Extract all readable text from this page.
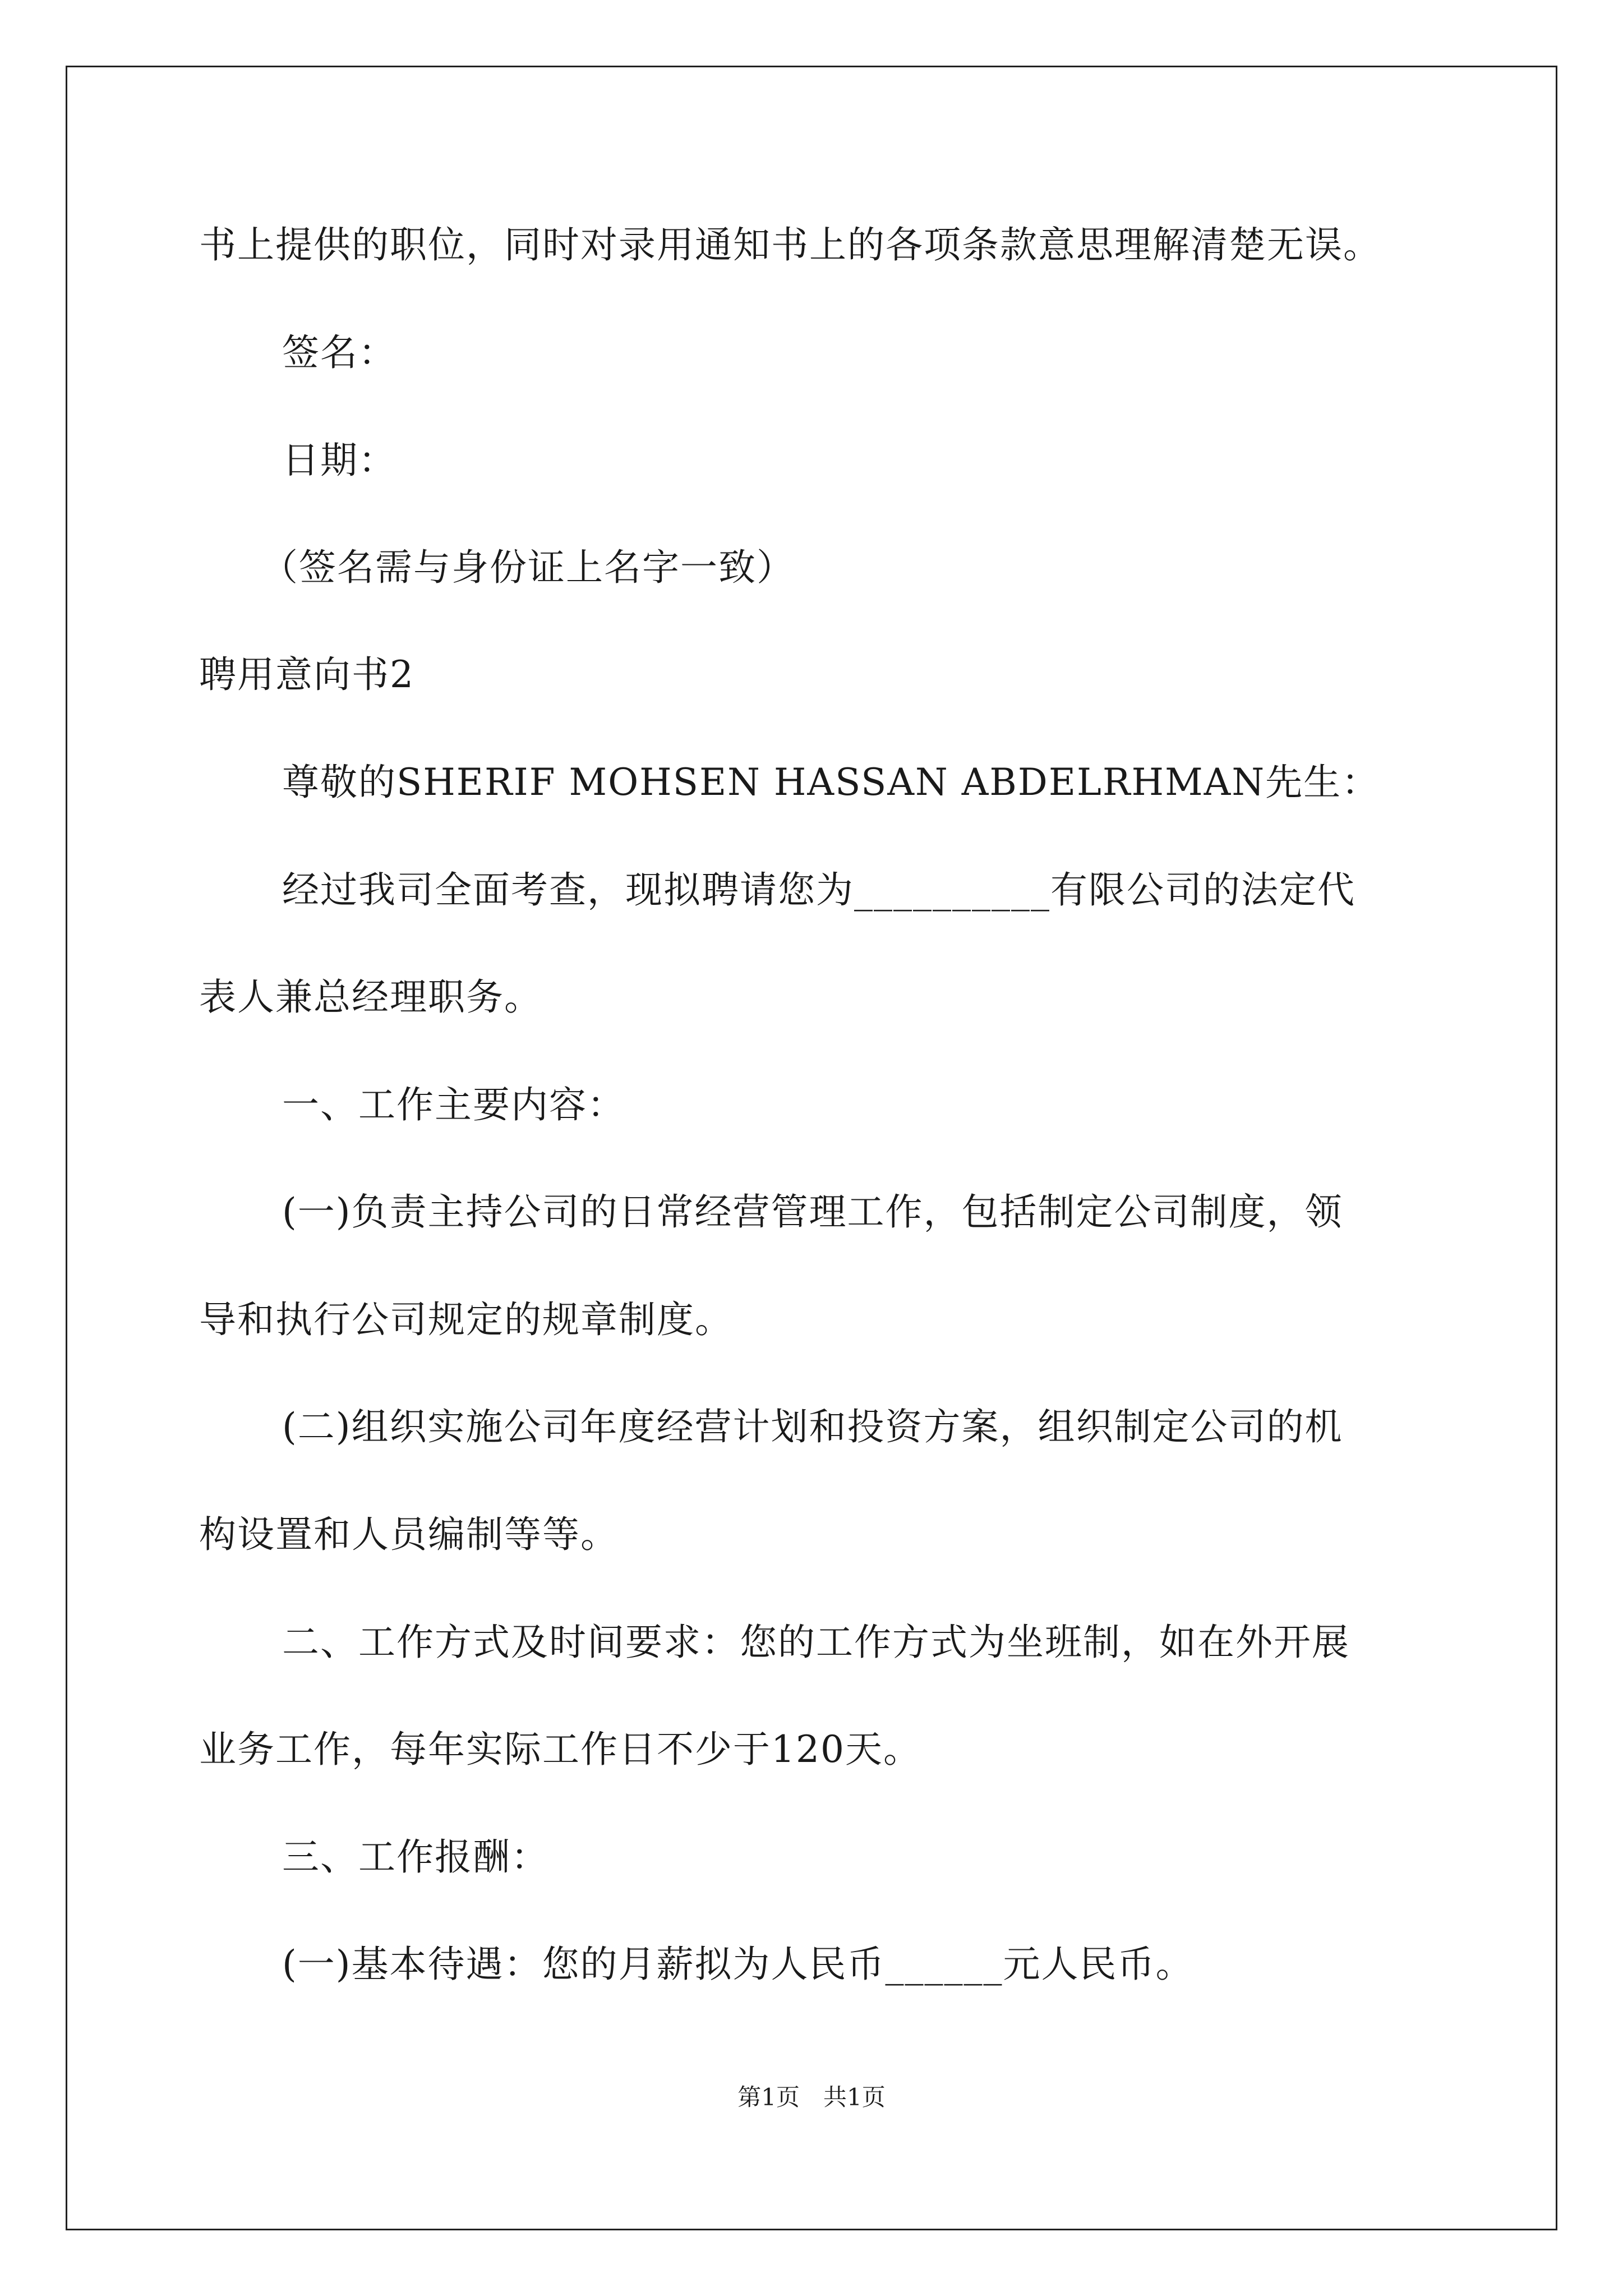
书上提供的职位，同时对录用通知书上的各项条款意思理解清楚无误。
签名：
日期：
（签名需与身份证上名字一致）
聘用意向书2
尊敬的SHERIF MOHSEN HASSAN ABDELRHMAN先生：
经过我司全面考查，现拟聘请您为__________有限公司的法定代
表人兼总经理职务。
一、工作主要内容：
(一)负责主持公司的日常经营管理工作，包括制定公司制度，领
导和执行公司规定的规章制度。
(二)组织实施公司年度经营计划和投资方案，组织制定公司的机
构设置和人员编制等等。
二、工作方式及时间要求：您的工作方式为坐班制，如在外开展
业务工作，每年实际工作日不少于120天。
三、工作报酬：
(一)基本待遇：您的月薪拟为人民币______元人民币。
第1页　共1页
